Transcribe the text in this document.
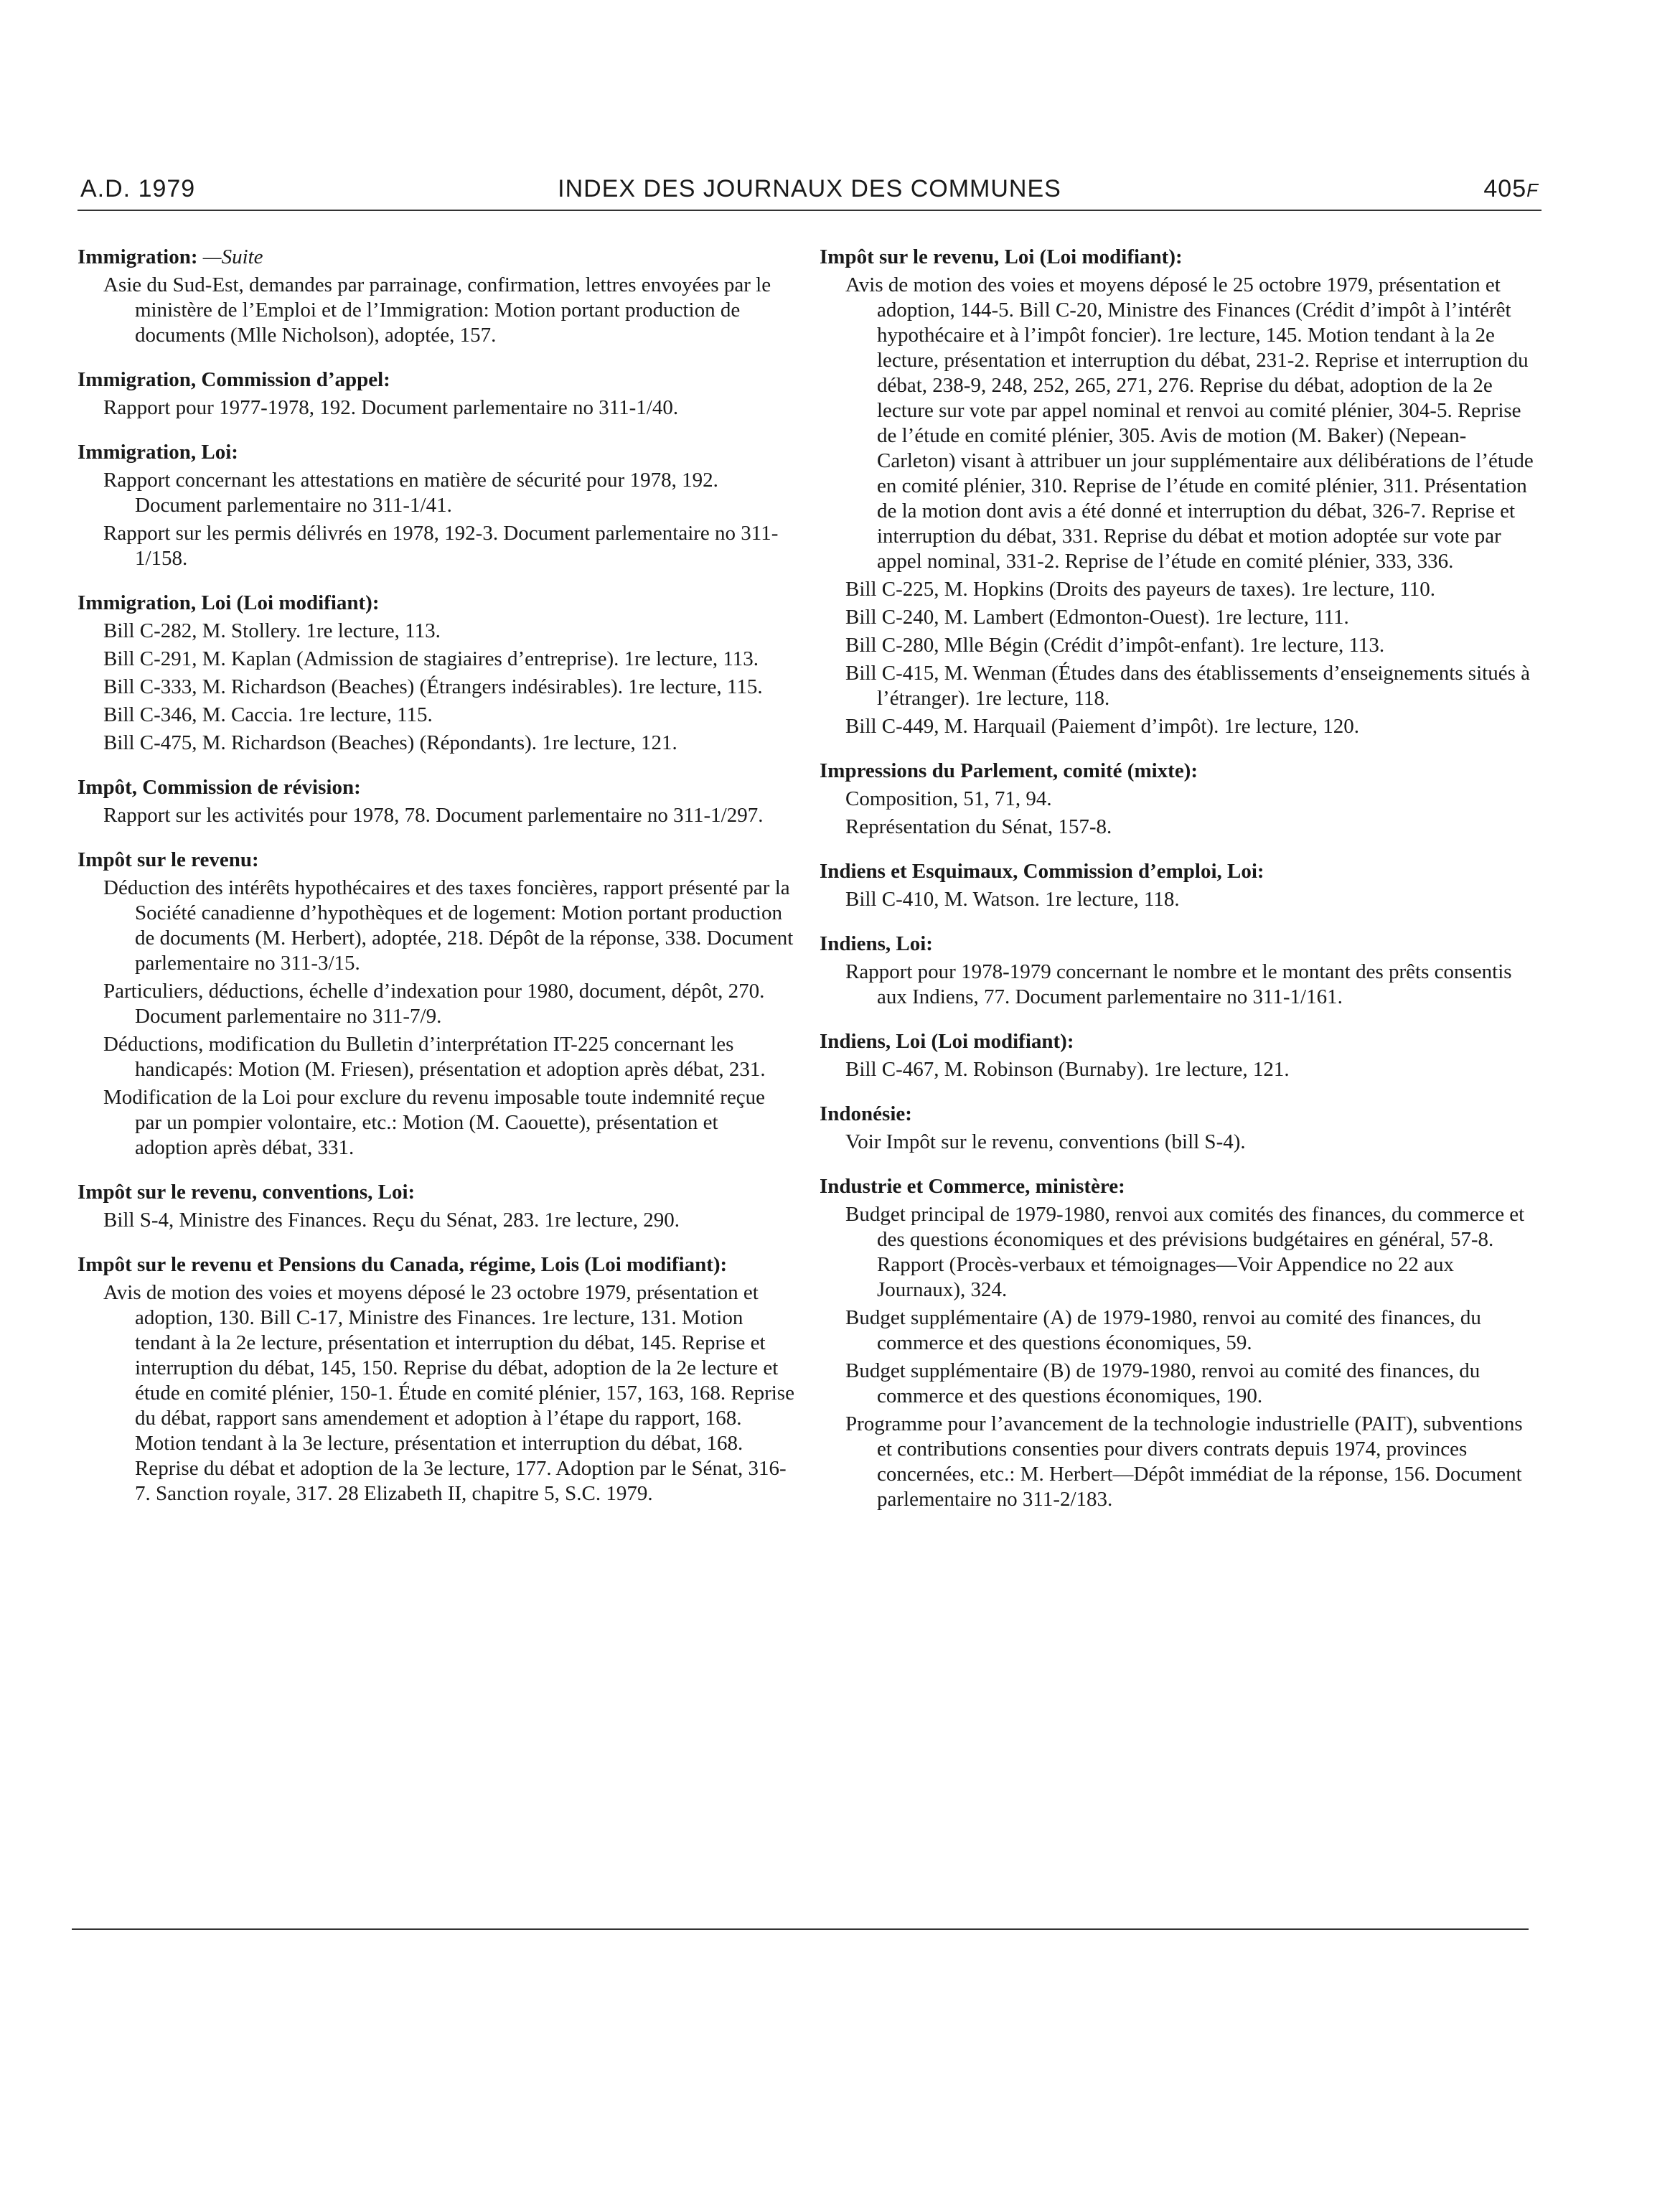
A.D. 1979	INDEX DES JOURNAUX DES COMMUNES	405F
Immigration: —Suite
Asie du Sud-Est, demandes par parrainage, confirmation, lettres envoyées par le ministère de l’Emploi et de l’Immigration: Motion portant production de documents (Mlle Nicholson), adoptée, 157.
Immigration, Commission d’appel:
Rapport pour 1977-1978, 192. Document parlementaire no 311-1/40.
Immigration, Loi:
Rapport concernant les attestations en matière de sécurité pour 1978, 192. Document parlementaire no 311-1/41.
Rapport sur les permis délivrés en 1978, 192-3. Document parlementaire no 311-1/158.
Immigration, Loi (Loi modifiant):
Bill C-282, M. Stollery. 1re lecture, 113.
Bill C-291, M. Kaplan (Admission de stagiaires d’entreprise). 1re lecture, 113.
Bill C-333, M. Richardson (Beaches) (Étrangers indésirables). 1re lecture, 115.
Bill C-346, M. Caccia. 1re lecture, 115.
Bill C-475, M. Richardson (Beaches) (Répondants). 1re lecture, 121.
Impôt, Commission de révision:
Rapport sur les activités pour 1978, 78. Document parlementaire no 311-1/297.
Impôt sur le revenu:
Déduction des intérêts hypothécaires et des taxes foncières, rapport présenté par la Société canadienne d’hypothèques et de logement: Motion portant production de documents (M. Herbert), adoptée, 218. Dépôt de la réponse, 338. Document parlementaire no 311-3/15.
Particuliers, déductions, échelle d’indexation pour 1980, document, dépôt, 270. Document parlementaire no 311-7/9.
Déductions, modification du Bulletin d’interprétation IT-225 concernant les handicapés: Motion (M. Friesen), présentation et adoption après débat, 231.
Modification de la Loi pour exclure du revenu imposable toute indemnité reçue par un pompier volontaire, etc.: Motion (M. Caouette), présentation et adoption après débat, 331.
Impôt sur le revenu, conventions, Loi:
Bill S-4, Ministre des Finances. Reçu du Sénat, 283. 1re lecture, 290.
Impôt sur le revenu et Pensions du Canada, régime, Lois (Loi modifiant):
Avis de motion des voies et moyens déposé le 23 octobre 1979, présentation et adoption, 130. Bill C-17, Ministre des Finances. 1re lecture, 131. Motion tendant à la 2e lecture, présentation et interruption du débat, 145. Reprise et interruption du débat, 145, 150. Reprise du débat, adoption de la 2e lecture et étude en comité plénier, 150-1. Étude en comité plénier, 157, 163, 168. Reprise du débat, rapport sans amendement et adoption à l’étape du rapport, 168. Motion tendant à la 3e lecture, présentation et interruption du débat, 168. Reprise du débat et adoption de la 3e lecture, 177. Adoption par le Sénat, 316-7. Sanction royale, 317. 28 Elizabeth II, chapitre 5, S.C. 1979.
Impôt sur le revenu, Loi (Loi modifiant):
Avis de motion des voies et moyens déposé le 25 octobre 1979, présentation et adoption, 144-5. Bill C-20, Ministre des Finances (Crédit d’impôt à l’intérêt hypothécaire et à l’impôt foncier). 1re lecture, 145. Motion tendant à la 2e lecture, présentation et interruption du débat, 231-2. Reprise et interruption du débat, 238-9, 248, 252, 265, 271, 276. Reprise du débat, adoption de la 2e lecture sur vote par appel nominal et renvoi au comité plénier, 304-5. Reprise de l’étude en comité plénier, 305. Avis de motion (M. Baker) (Nepean-Carleton) visant à attribuer un jour supplémentaire aux délibérations de l’étude en comité plénier, 310. Reprise de l’étude en comité plénier, 311. Présentation de la motion dont avis a été donné et interruption du débat, 326-7. Reprise et interruption du débat, 331. Reprise du débat et motion adoptée sur vote par appel nominal, 331-2. Reprise de l’étude en comité plénier, 333, 336.
Bill C-225, M. Hopkins (Droits des payeurs de taxes). 1re lecture, 110.
Bill C-240, M. Lambert (Edmonton-Ouest). 1re lecture, 111.
Bill C-280, Mlle Bégin (Crédit d’impôt-enfant). 1re lecture, 113.
Bill C-415, M. Wenman (Études dans des établissements d’enseignements situés à l’étranger). 1re lecture, 118.
Bill C-449, M. Harquail (Paiement d’impôt). 1re lecture, 120.
Impressions du Parlement, comité (mixte):
Composition, 51, 71, 94.
Représentation du Sénat, 157-8.
Indiens et Esquimaux, Commission d’emploi, Loi:
Bill C-410, M. Watson. 1re lecture, 118.
Indiens, Loi:
Rapport pour 1978-1979 concernant le nombre et le montant des prêts consentis aux Indiens, 77. Document parlementaire no 311-1/161.
Indiens, Loi (Loi modifiant):
Bill C-467, M. Robinson (Burnaby). 1re lecture, 121.
Indonésie:
Voir Impôt sur le revenu, conventions (bill S-4).
Industrie et Commerce, ministère:
Budget principal de 1979-1980, renvoi aux comités des finances, du commerce et des questions économiques et des prévisions budgétaires en général, 57-8. Rapport (Procès-verbaux et témoignages—Voir Appendice no 22 aux Journaux), 324.
Budget supplémentaire (A) de 1979-1980, renvoi au comité des finances, du commerce et des questions économiques, 59.
Budget supplémentaire (B) de 1979-1980, renvoi au comité des finances, du commerce et des questions économiques, 190.
Programme pour l’avancement de la technologie industrielle (PAIT), subventions et contributions consenties pour divers contrats depuis 1974, provinces concernées, etc.: M. Herbert—Dépôt immédiat de la réponse, 156. Document parlementaire no 311-2/183.
